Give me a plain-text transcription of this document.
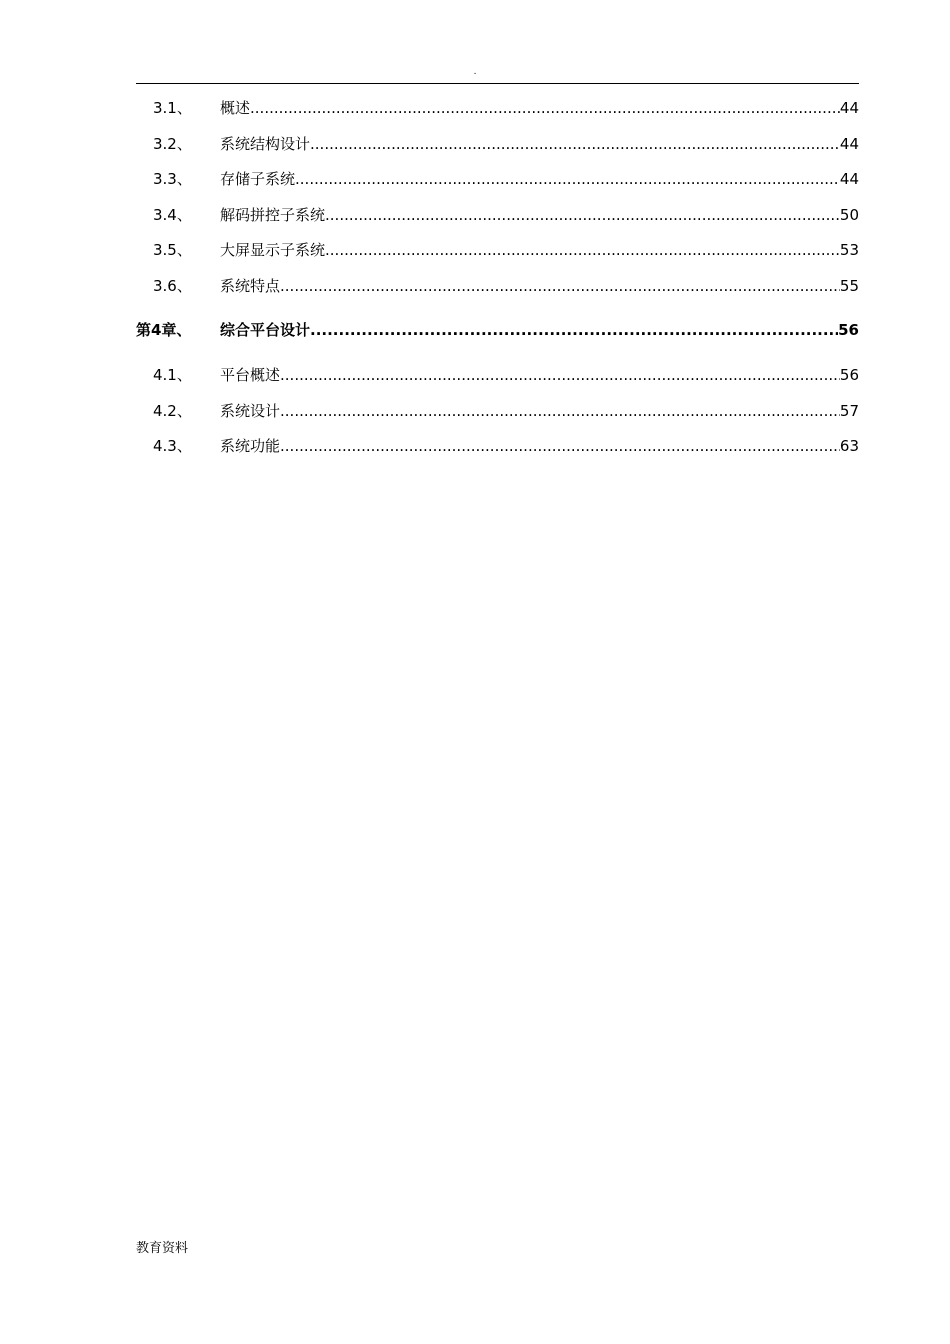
.
3.1、	概述 .....	44
3.2、	系统结构设计 .....	44
3.3、	存储子系统 .....	44
3.4、	解码拼控子系统 .....	50
3.5、	大屏显示子系统 .....	53
3.6、	系统特点 .....	55
第4章、	综合平台设计 .....	56
4.1、	平台概述 .....	56
4.2、	系统设计 .....	57
4.3、	系统功能 .....	63
教育资料
